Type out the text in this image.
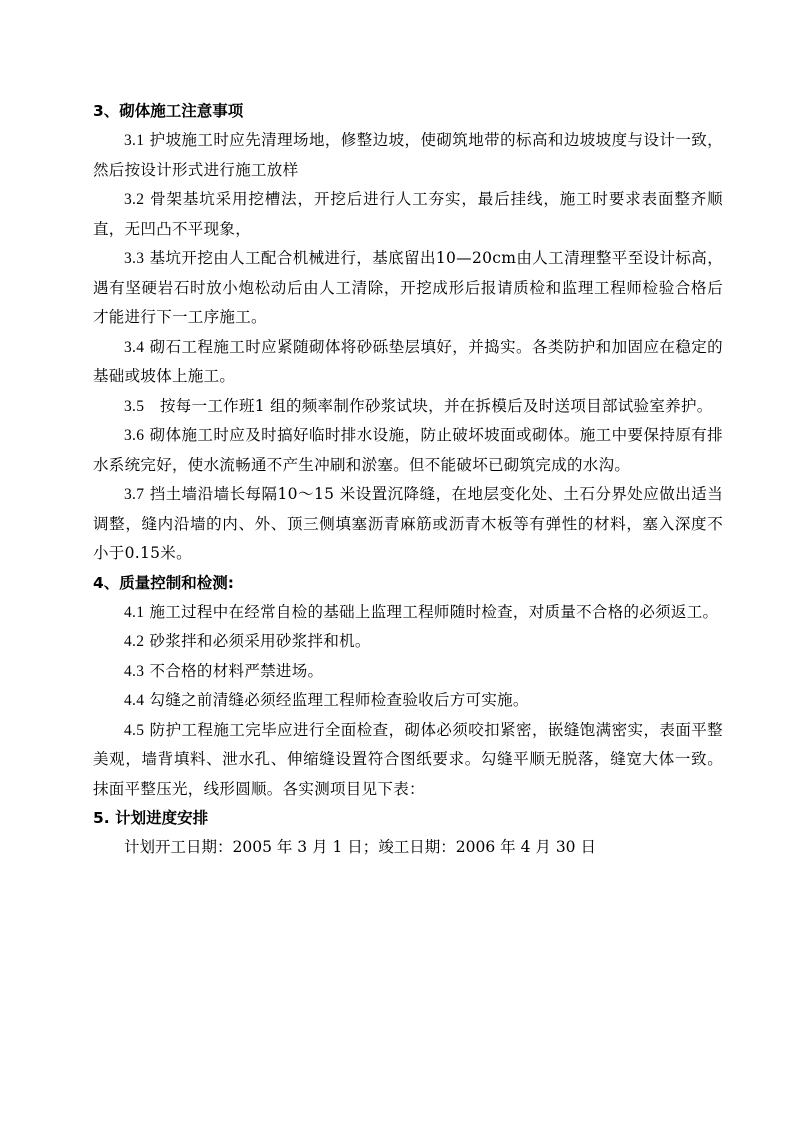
3、砌体施工注意事项

3.1 护坡施工时应先清理场地，修整边坡，使砌筑地带的标高和边坡坡度与设计一致，然后按设计形式进行施工放样

3.2 骨架基坑采用挖槽法，开挖后进行人工夯实，最后挂线，施工时要求表面整齐顺直，无凹凸不平现象，

3.3 基坑开挖由人工配合机械进行，基底留出10—20cm由人工清理整平至设计标高，遇有坚硬岩石时放小炮松动后由人工清除，开挖成形后报请质检和监理工程师检验合格后才能进行下一工序施工。

3.4 砌石工程施工时应紧随砌体将砂砾垫层填好，并捣实。各类防护和加固应在稳定的基础或坡体上施工。

3.5 按每一工作班1 组的频率制作砂浆试块，并在拆模后及时送项目部试验室养护。

3.6 砌体施工时应及时搞好临时排水设施，防止破坏坡面或砌体。施工中要保持原有排水系统完好，使水流畅通不产生冲刷和淤塞。但不能破坏已砌筑完成的水沟。

3.7 挡土墙沿墙长每隔10～15 米设置沉降缝，在地层变化处、土石分界处应做出适当调整，缝内沿墙的内、外、顶三侧填塞沥青麻筋或沥青木板等有弹性的材料，塞入深度不小于0.15米。

4、质量控制和检测:

4.1 施工过程中在经常自检的基础上监理工程师随时检查，对质量不合格的必须返工。

4.2 砂浆拌和必须采用砂浆拌和机。

4.3 不合格的材料严禁进场。

4.4 勾缝之前清缝必须经监理工程师检查验收后方可实施。

4.5 防护工程施工完毕应进行全面检查，砌体必须咬扣紧密，嵌缝饱满密实，表面平整美观，墙背填料、泄水孔、伸缩缝设置符合图纸要求。勾缝平顺无脱落，缝宽大体一致。抹面平整压光，线形圆顺。各实测项目见下表：

5. 计划进度安排

计划开工日期：2005 年 3 月 1 日；竣工日期：2006 年 4 月 30 日
